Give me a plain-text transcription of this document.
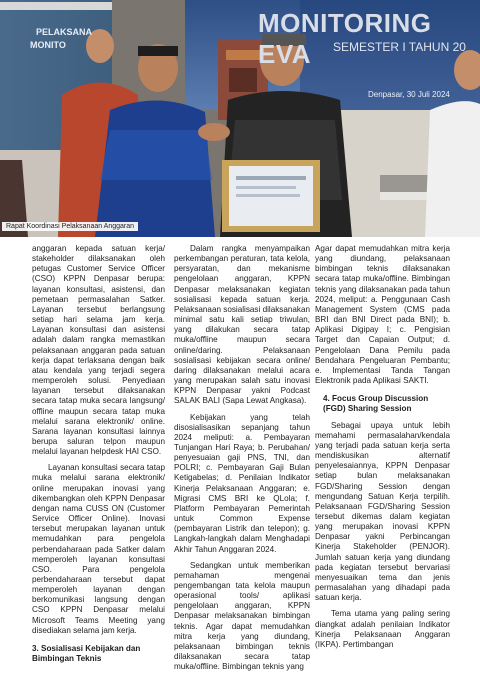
MONITORING EVA	SEMESTER I TAHUN 20
Denpasar, 30 Juli 2024
PELAKSANA
MONITO
Rapat Koordinasi Pelaksanaan Anggaran

anggaran kepada satuan kerja/ stakeholder dilaksanakan oleh petugas Customer Service Officer (CSO) KPPN Denpasar berupa: layanan konsultasi, asistensi, dan pemetaan permasalahan Satker. Layanan tersebut berlangsung setiap hari selama jam kerja. Layanan konsultasi dan asistensi adalah dalam rangka memastikan pelaksanaan anggaran pada satuan kerja dapat terlaksana dengan baik atau kendala yang terjadi segera memperoleh solusi. Penyediaan layanan tersebut dilaksanakan secara tatap muka secara langsung/ offline maupun secara tatap muka melalui sarana elektronik/ online. Sarana layanan konsultasi lainnya berupa saluran telpon maupun melalui layanan helpdesk HAI CSO.

Layanan konsultasi secara tatap muka melalui sarana elektronik/ online merupakan inovasi yang dikembangkan oleh KPPN Denpasar dengan nama CUSS ON (Customer Service Officer Online). Inovasi tersebut merupakan layanan untuk memudahkan para pengelola perbendaharaan pada Satker dalam memperoleh layanan konsultasi CSO. Para pengelola perbendaharaan tersebut dapat memperoleh layanan dengan berkomunikasi langsung dengan CSO KPPN Denpasar melalui Microsoft Teams Meeting yang disediakan selama jam kerja.

3. Sosialisasi Kebijakan dan Bimbingan Teknis

Dalam rangka menyampaikan perkembangan peraturan, tata kelola, persyaratan, dan mekanisme pengelolaan anggaran, KPPN Denpasar melaksanakan kegiatan sosialisasi kepada satuan kerja. Pelaksanaan sosialisasi dilaksanakan minimal satu kali setiap triwulan, yang dilakukan secara tatap muka/offline maupun secara online/daring. Pelaksanaan sosialisasi kebijakan secara online/ daring dilaksanakan melalui acara yang merupakan salah satu inovasi KPPN Denpasar yakni Podcast SALAK BALI (Sapa Lewat Angkasa).

Kebijakan yang telah disosialisasikan sepanjang tahun 2024 meliputi: a. Pembayaran Tunjangan Hari Raya; b. Perubahan/ penyesuaian gaji PNS, TNI, dan POLRI; c. Pembayaran Gaji Bulan Ketigabelas; d. Penilaian Indikator Kinerja Pelaksanaan Anggaran; e. Migrasi CMS BRI ke QLola; f. Platform Pembayaran Pemerintah untuk Common Expense (pembayaran Listrik dan telepon); g. Langkah-langkah dalam Menghadapi Akhir Tahun Anggaran 2024.

Sedangkan untuk memberikan pemahaman mengenai pengembangan tata kelola maupun operasional tools/ aplikasi pengelolaan anggaran, KPPN Denpasar melaksanakan bimbingan teknis. Agar dapat memudahkan mitra kerja yang diundang, pelaksanaan bimbingan teknis dilaksanakan secara tatap muka/offline. Bimbingan teknis yang

Agar dapat memudahkan mitra kerja yang diundang, pelaksanaan bimbingan teknis dilaksanakan secara tatap muka/offline. Bimbingan teknis yang dilaksanakan pada tahun 2024, meliput: a. Penggunaan Cash Management System (CMS pada BRI dan BNI Direct pada BNI); b. Aplikasi Digipay I; c. Pengisian Target dan Capaian Output; d. Pengelolaan Dana Pemilu pada Bendahara Pengeluaran Pembantu; e. Implementasi Tanda Tangan Elektronik pada Aplikasi SAKTI.

4. Focus Group Discussion (FGD) Sharing Session

Sebagai upaya untuk lebih memahami permasalahan/kendala yang terjadi pada satuan kerja serta mendiskusikan alternatif penyelesaiannya, KPPN Denpasar setiap bulan melaksanakan FGD/Sharing Session dengan mengundang Satuan Kerja terpilih. Pelaksanaan FGD/Sharing Session tersebut dikemas dalam kegiatan yang merupakan inovasi KPPN Denpasar yakni Perbincangan Kinerja Stakeholder (PENJOR). Jumlah satuan kerja yang diundang pada kegiatan tersebut bervariasi menyesuaikan tema dan jenis permasalahan yang dihadapi pada satuan kerja.

Tema utama yang paling sering diangkat adalah penilaian Indikator Kinerja Pelaksanaan Anggaran (IKPA). Pertimbangan
